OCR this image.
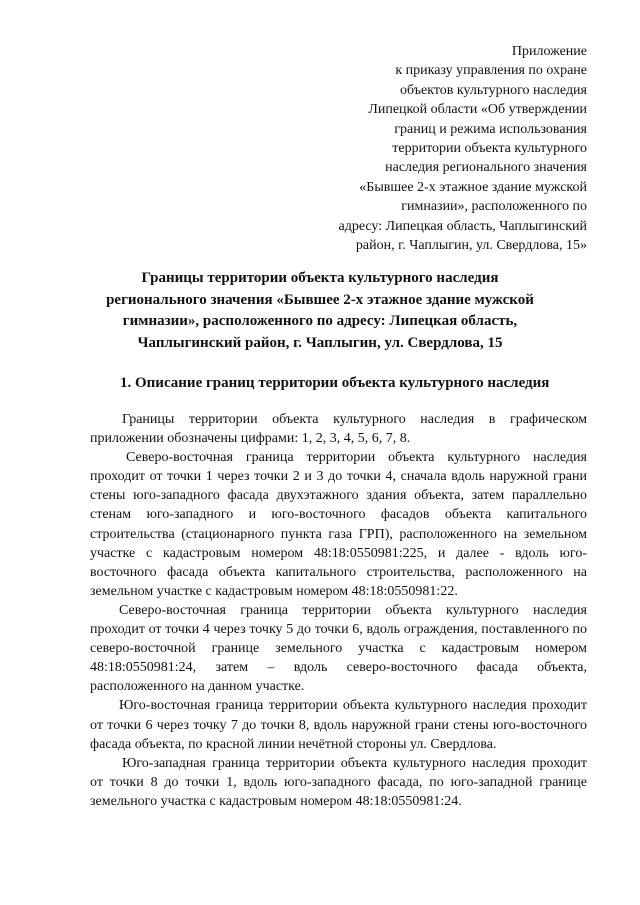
Приложение
к приказу управления по охране
объектов культурного наследия
Липецкой области «Об утверждении
границ и режима использования
территории объекта культурного
наследия регионального значения
«Бывшее 2-х этажное здание мужской
гимназии», расположенного по
адресу: Липецкая область, Чаплыгинский
район, г. Чаплыгин, ул. Свердлова, 15»
Границы территории объекта культурного наследия
регионального значения «Бывшее 2-х этажное здание мужской
гимназии», расположенного по адресу: Липецкая область,
Чаплыгинский район, г. Чаплыгин, ул. Свердлова, 15
1. Описание границ территории объекта культурного наследия

Границы территории объекта культурного наследия в графическом приложении обозначены цифрами: 1, 2, 3, 4, 5, 6, 7, 8.

Северо-восточная граница территории объекта культурного наследия проходит от точки 1 через точки 2 и 3 до точки 4, сначала вдоль наружной грани стены юго-западного фасада двухэтажного здания объекта, затем параллельно стенам юго-западного и юго-восточного фасадов объекта капитального строительства (стационарного пункта газа ГРП), расположенного на земельном участке с кадастровым номером 48:18:0550981:225, и далее - вдоль юго-восточного фасада объекта капитального строительства, расположенного на земельном участке с кадастровым номером 48:18:0550981:22.

Северо-восточная граница территории объекта культурного наследия проходит от точки 4 через точку 5 до точки 6, вдоль ограждения, поставленного по северо-восточной границе земельного участка с кадастровым номером 48:18:0550981:24, затем – вдоль северо-восточного фасада объекта, расположенного на данном участке.

Юго-восточная граница территории объекта культурного наследия проходит от точки 6 через точку 7 до точки 8, вдоль наружной грани стены юго-восточного фасада объекта, по красной линии нечётной стороны ул. Свердлова.

Юго-западная граница территории объекта культурного наследия проходит от точки 8 до точки 1, вдоль юго-западного фасада, по юго-западной границе земельного участка с кадастровым номером 48:18:0550981:24.
